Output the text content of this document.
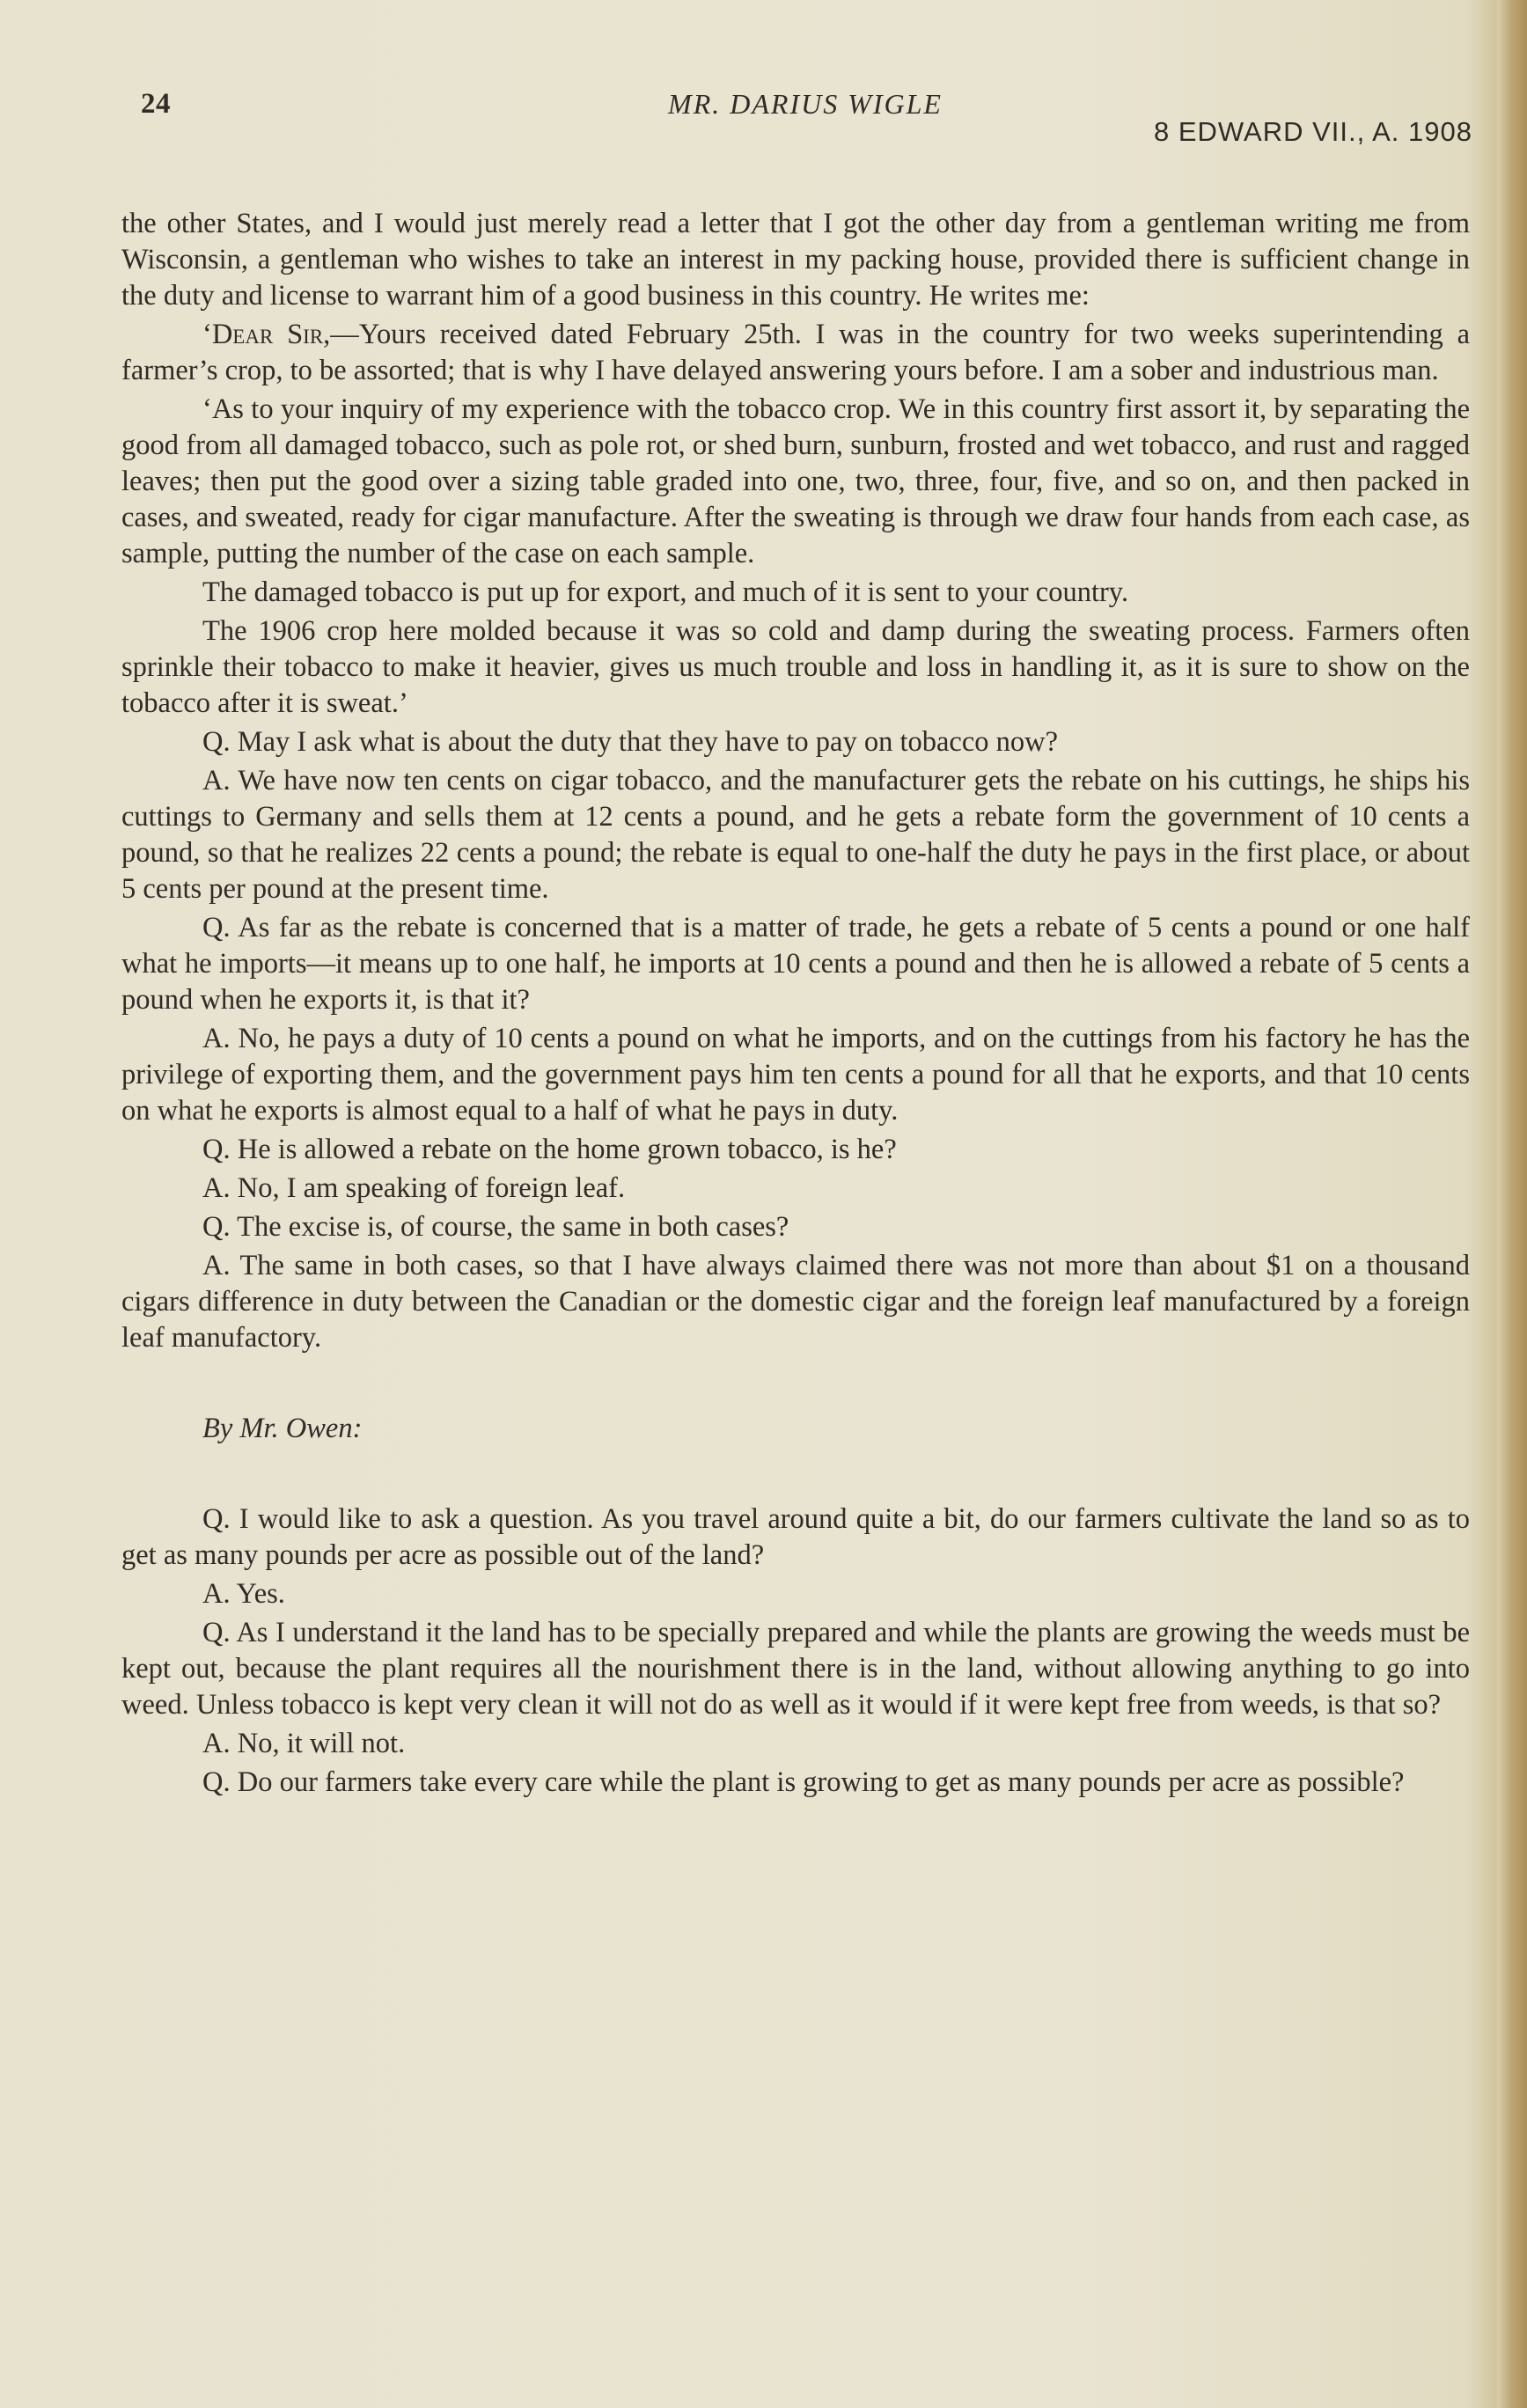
24	MR. DARIUS WIGLE
8 EDWARD VII., A. 1908

the other States, and I would just merely read a letter that I got the other day from a gentleman writing me from Wisconsin, a gentleman who wishes to take an interest in my packing house, provided there is sufficient change in the duty and license to warrant him of a good business in this country. He writes me:

‘Dear Sir,—Yours received dated February 25th. I was in the country for two weeks superintending a farmer’s crop, to be assorted; that is why I have delayed answering yours before. I am a sober and industrious man.

‘As to your inquiry of my experience with the tobacco crop. We in this country first assort it, by separating the good from all damaged tobacco, such as pole rot, or shed burn, sunburn, frosted and wet tobacco, and rust and ragged leaves; then put the good over a sizing table graded into one, two, three, four, five, and so on, and then packed in cases, and sweated, ready for cigar manufacture. After the sweating is through we draw four hands from each case, as sample, putting the number of the case on each sample.

The damaged tobacco is put up for export, and much of it is sent to your country.

The 1906 crop here molded because it was so cold and damp during the sweating process. Farmers often sprinkle their tobacco to make it heavier, gives us much trouble and loss in handling it, as it is sure to show on the tobacco after it is sweat.’

Q. May I ask what is about the duty that they have to pay on tobacco now?

A. We have now ten cents on cigar tobacco, and the manufacturer gets the rebate on his cuttings, he ships his cuttings to Germany and sells them at 12 cents a pound, and he gets a rebate form the government of 10 cents a pound, so that he realizes 22 cents a pound; the rebate is equal to one-half the duty he pays in the first place, or about 5 cents per pound at the present time.

Q. As far as the rebate is concerned that is a matter of trade, he gets a rebate of 5 cents a pound or one half what he imports—it means up to one half, he imports at 10 cents a pound and then he is allowed a rebate of 5 cents a pound when he exports it, is that it?

A. No, he pays a duty of 10 cents a pound on what he imports, and on the cuttings from his factory he has the privilege of exporting them, and the government pays him ten cents a pound for all that he exports, and that 10 cents on what he exports is almost equal to a half of what he pays in duty.

Q. He is allowed a rebate on the home grown tobacco, is he?

A. No, I am speaking of foreign leaf.

Q. The excise is, of course, the same in both cases?

A. The same in both cases, so that I have always claimed there was not more than about $1 on a thousand cigars difference in duty between the Canadian or the domestic cigar and the foreign leaf manufactured by a foreign leaf manufactory.

By Mr. Owen:

Q. I would like to ask a question. As you travel around quite a bit, do our farmers cultivate the land so as to get as many pounds per acre as possible out of the land?

A. Yes.

Q. As I understand it the land has to be specially prepared and while the plants are growing the weeds must be kept out, because the plant requires all the nourishment there is in the land, without allowing anything to go into weed. Unless tobacco is kept very clean it will not do as well as it would if it were kept free from weeds, is that so?

A. No, it will not.

Q. Do our farmers take every care while the plant is growing to get as many pounds per acre as possible?
